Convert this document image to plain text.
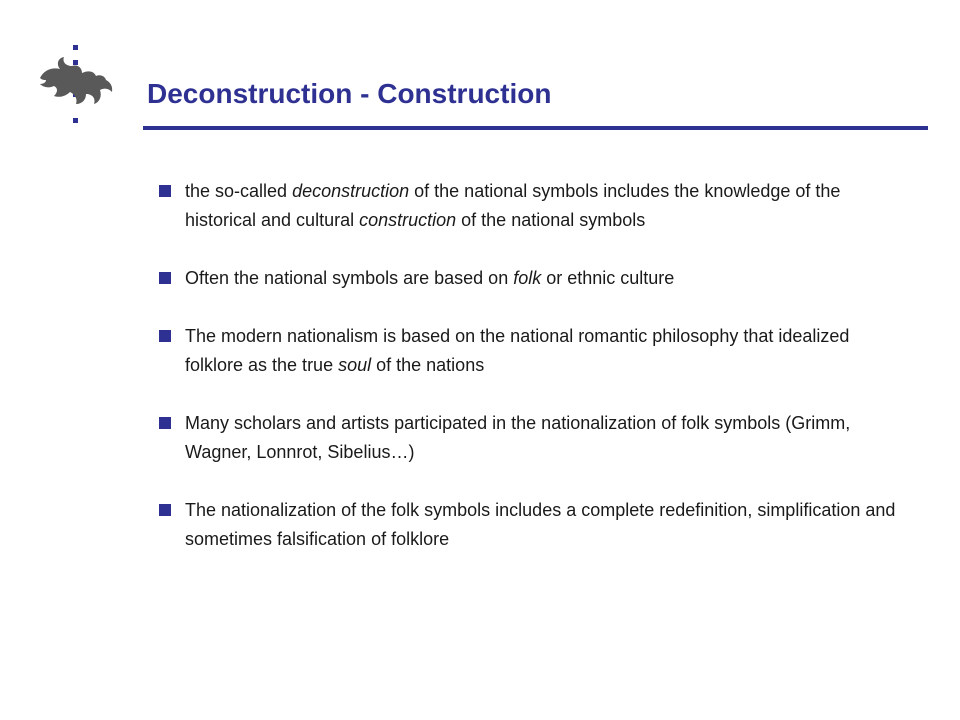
Deconstruction - Construction
the so-called deconstruction of the national symbols includes the knowledge of the historical and cultural construction of the national symbols
Often the national symbols are based on folk or ethnic culture
The modern nationalism is based on the national romantic philosophy that idealized folklore as the true soul of the nations
Many scholars and artists participated in the nationalization of folk symbols (Grimm, Wagner, Lonnrot, Sibelius…)
The nationalization of the folk symbols includes a complete redefinition, simplification and sometimes falsification of folklore
